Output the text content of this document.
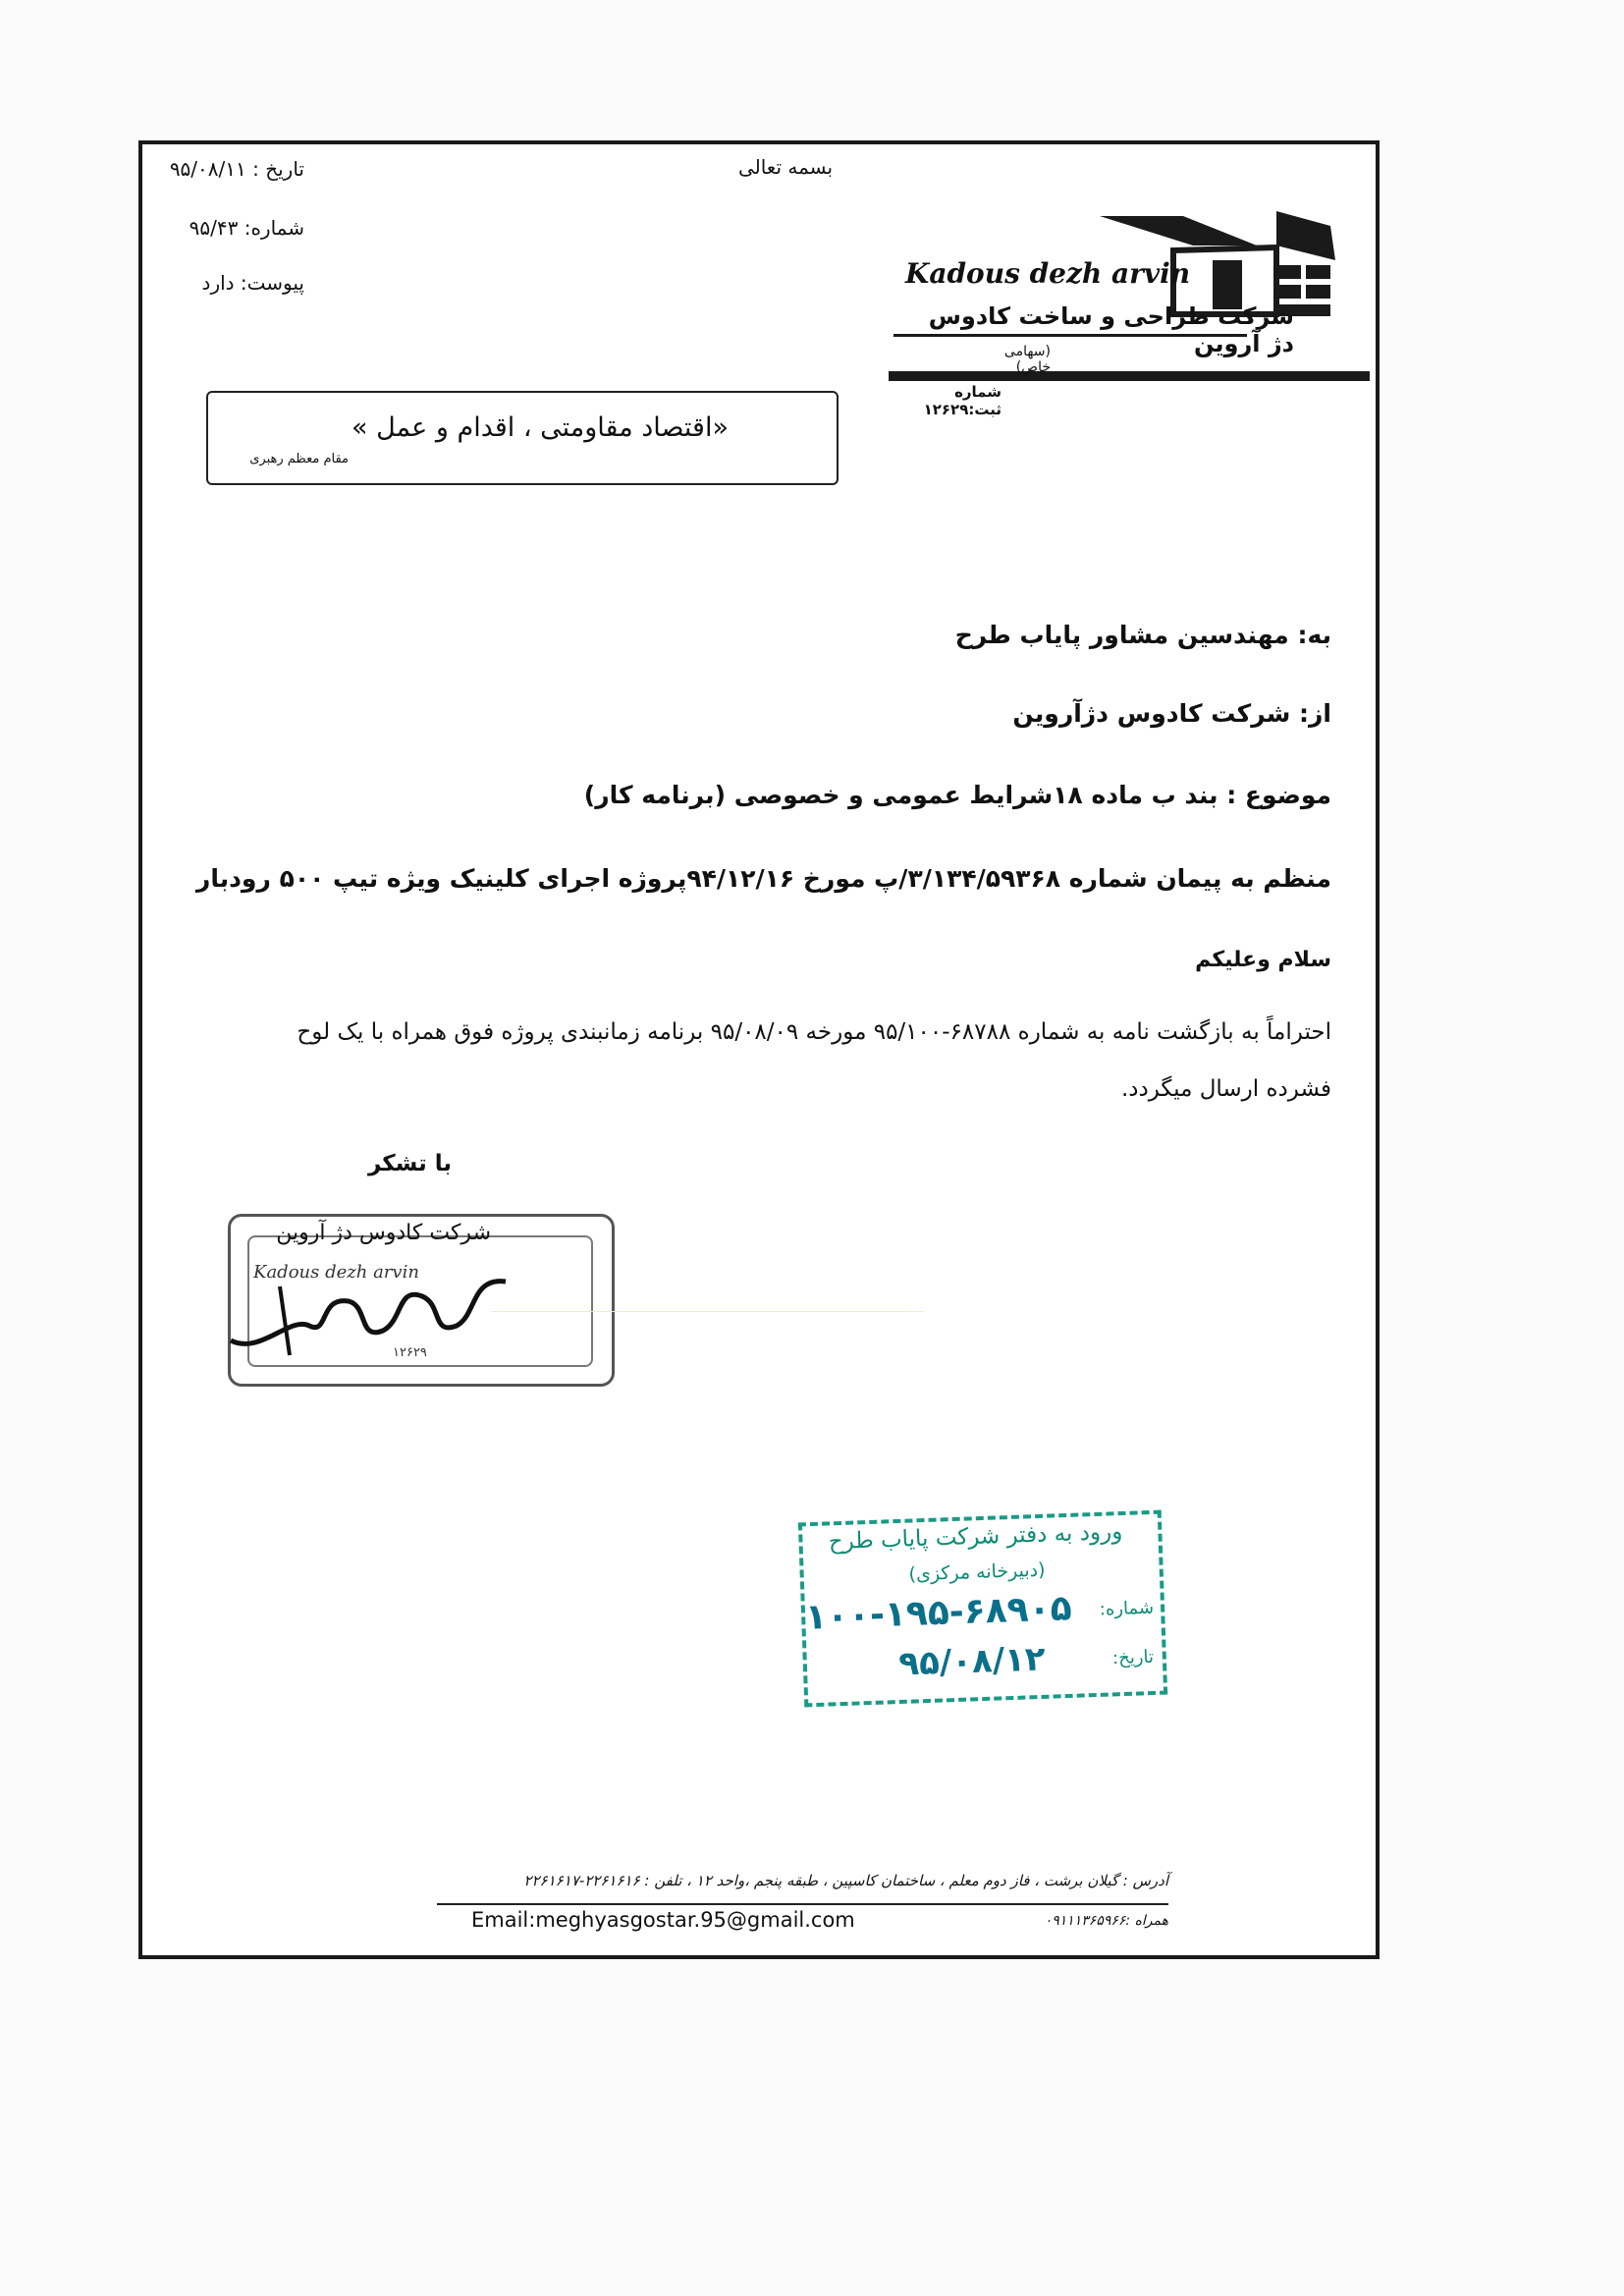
بسمه تعالی
تاریخ : ۹۵/۰۸/۱۱
شماره: ۹۵/۴۳
پیوست: دارد	Kadous dezh arvin
شرکت طراحی و ساخت کادوس دژ آروین
(سهامی خاص)
شماره ثبت:۱۲۶۲۹
«اقتصاد مقاومتی ، اقدام و عمل »
مقام معظم رهبری
به: مهندسین مشاور پایاب طرح
از: شرکت کادوس دژآروین
موضوع : بند ب ماده ۱۸شرایط عمومی و خصوصی (برنامه کار)
منظم به پیمان شماره ۳/۱۳۴/۵۹۳۶۸/پ مورخ ۹۴/۱۲/۱۶پروژه اجرای کلینیک ویژه تیپ ۵۰۰ رودبار
سلام وعلیکم
احتراماً به بازگشت نامه به شماره ۶۸۷۸۸-۹۵/۱۰۰ مورخه ۹۵/۰۸/۰۹ برنامه زمانبندی پروژه فوق همراه با یک لوح فشرده ارسال میگردد.
با تشکر
Kadous dezh arvin
۱۲۶۲۹
شرکت کادوس دژ آروین
ورود به دفتر شرکت پایاب طرح
(دبیرخانه مرکزی)
شماره:
۱۰۰-۱۹۵-۶۸۹۰۵
تاریخ:
۹۵/۰۸/۱۲
آدرس : گیلان برشت ، فاز دوم معلم ، ساختمان کاسپین ، طبقه پنجم ،واحد ۱۲ ، تلفن : ۲۲۶۱۶۱۶-۲۲۶۱۶۱۷
Email:meghyasgostar.95@gmail.com	همراه :۰۹۱۱۱۳۶۵۹۶۶
